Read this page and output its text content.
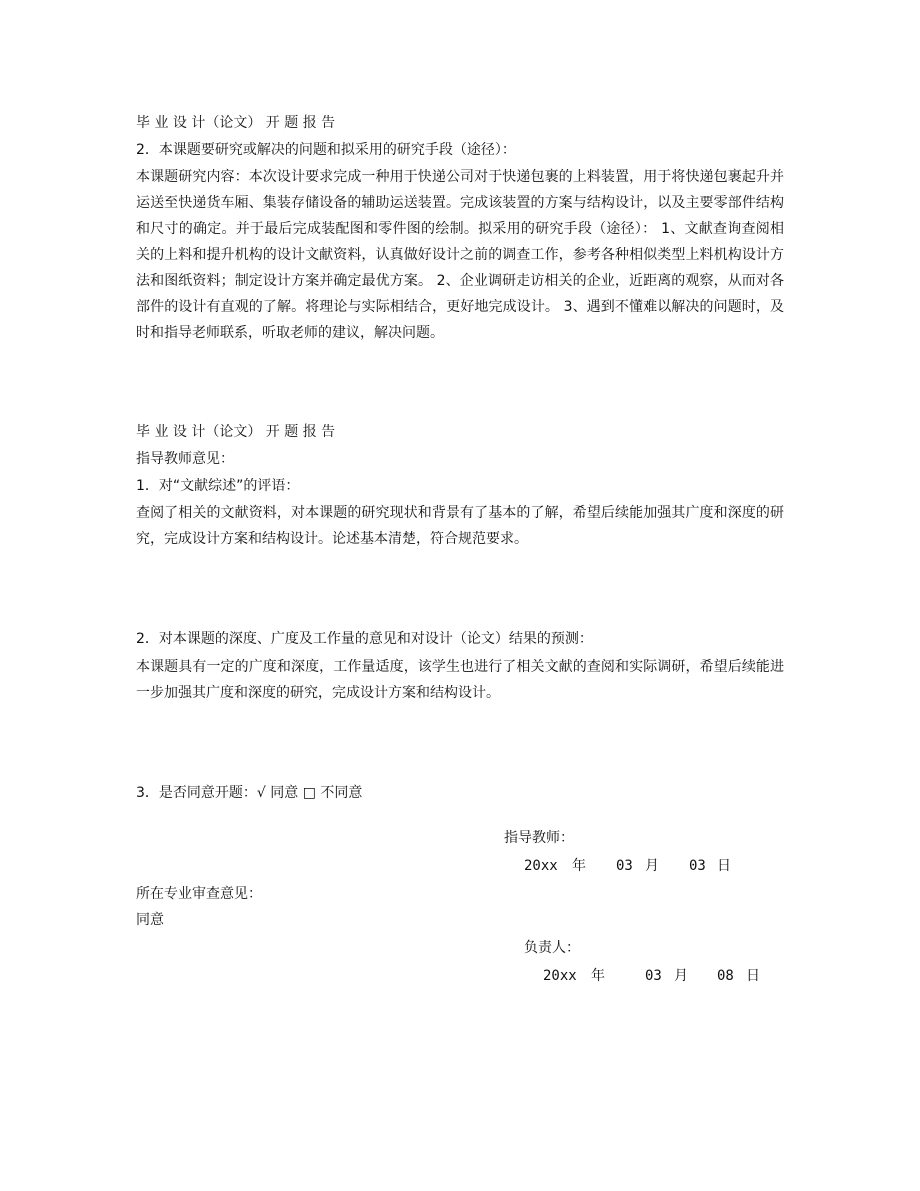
毕 业 设 计（论文） 开 题 报 告
2．本课题要研究或解决的问题和拟采用的研究手段（途径）：
本课题研究内容：本次设计要求完成一种用于快递公司对于快递包裹的上料装置，用于将快递包裹起升并运送至快递货车厢、集装存储设备的辅助运送装置。完成该装置的方案与结构设计，以及主要零部件结构和尺寸的确定。并于最后完成装配图和零件图的绘制。拟采用的研究手段（途径）： 1、文献查询查阅相关的上料和提升机构的设计文献资料，认真做好设计之前的调查工作，参考各种相似类型上料机构设计方法和图纸资料；制定设计方案并确定最优方案。 2、企业调研走访相关的企业，近距离的观察，从而对各部件的设计有直观的了解。将理论与实际相结合，更好地完成设计。 3、遇到不懂难以解决的问题时，及时和指导老师联系，听取老师的建议，解决问题。
毕 业 设 计（论文） 开 题 报 告
指导教师意见：
1．对“文献综述”的评语：
查阅了相关的文献资料，对本课题的研究现状和背景有了基本的了解，希望后续能加强其广度和深度的研究，完成设计方案和结构设计。论述基本清楚，符合规范要求。
2．对本课题的深度、广度及工作量的意见和对设计（论文）结果的预测：
本课题具有一定的广度和深度，工作量适度，该学生也进行了相关文献的查阅和实际调研，希望后续能进一步加强其广度和深度的研究，完成设计方案和结构设计。
3．是否同意开题：√ 同意 □ 不同意
指导教师：
20xx 年 03 月 03 日
所在专业审查意见：
同意
负责人：
20xx 年	03 月 08 日
